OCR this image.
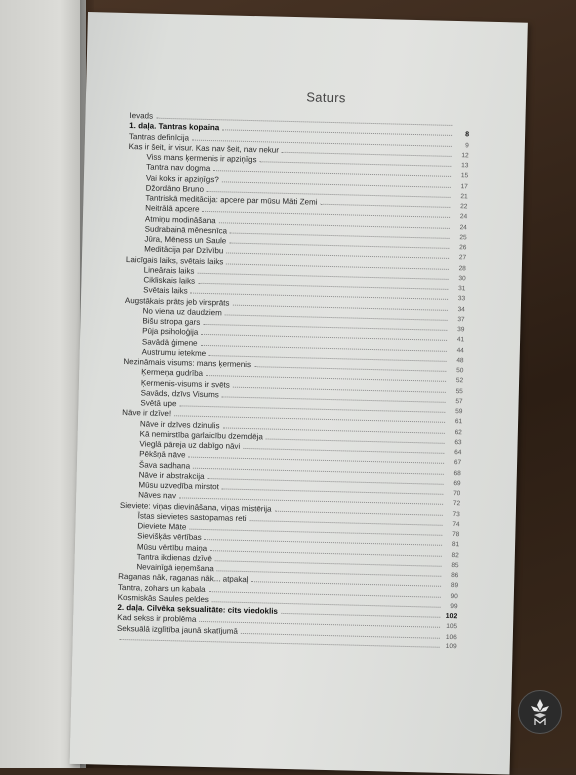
Saturs
Ievads
1. daļa. Tantras kopaina
8
Tantras definīcija
9
Kas ir šeit, ir visur. Kas nav šeit, nav nekur
12
Viss mans ķermenis ir apziņīgs
13
Tantra nav dogma
15
Vai koks ir apziņīgs?
17
Džordāno Bruno
21
Tantriskā meditācija: apcere par mūsu Māti Zemi
22
Neitrālā apcere
24
Atmiņu modināšana
24
Sudrabainā mēnesnīca
25
Jūra, Mēness un Saule
26
Meditācija par Dzīvību
27
Laicīgais laiks, svētais laiks
28
Lineārais laiks
30
Cikliskais laiks
31
Svētais laiks
33
Augstākais prāts jeb virsprāts
34
No viena uz daudziem
37
Bišu stropa gars
39
Pūja psiholoģija
41
Savādā ģimene
44
Austrumu ietekme
48
Nezināmais visums: mans ķermenis
50
Ķermeņa gudrība
52
Ķermenis-visums ir svēts
55
Savāds, dzīvs Visums
57
Svētā upe
59
Nāve ir dzīve!
61
Nāve ir dzīves dzinulis
62
Kā nemirstība garlaicību dzemdēja
63
Vieglā pāreja uz dabīgo nāvi
64
Pēkšņā nāve
67
Šava sadhana
68
Nāve ir abstrakcija
69
Mūsu uzvedība mirstot
70
Nāves nav
72
Sieviete: viņas dievināšana, viņas mistērija
73
Īstas sievietes sastopamas reti
74
Dieviete Māte
78
Sievišķās vērtības
81
Mūsu vērtību maiņa
82
Tantra ikdienas dzīvē
85
Nevainīgā ieņemšana
86
Raganas nāk, raganas nāk... atpakaļ
89
Tantra, zohars un kabala
90
Kosmiskās Saules peldes
99
2. daļa. Cilvēka seksualitāte: cits viedoklis
102
Kad sekss ir problēma
105
Seksuālā izglītība jaunā skatījumā
106
109
